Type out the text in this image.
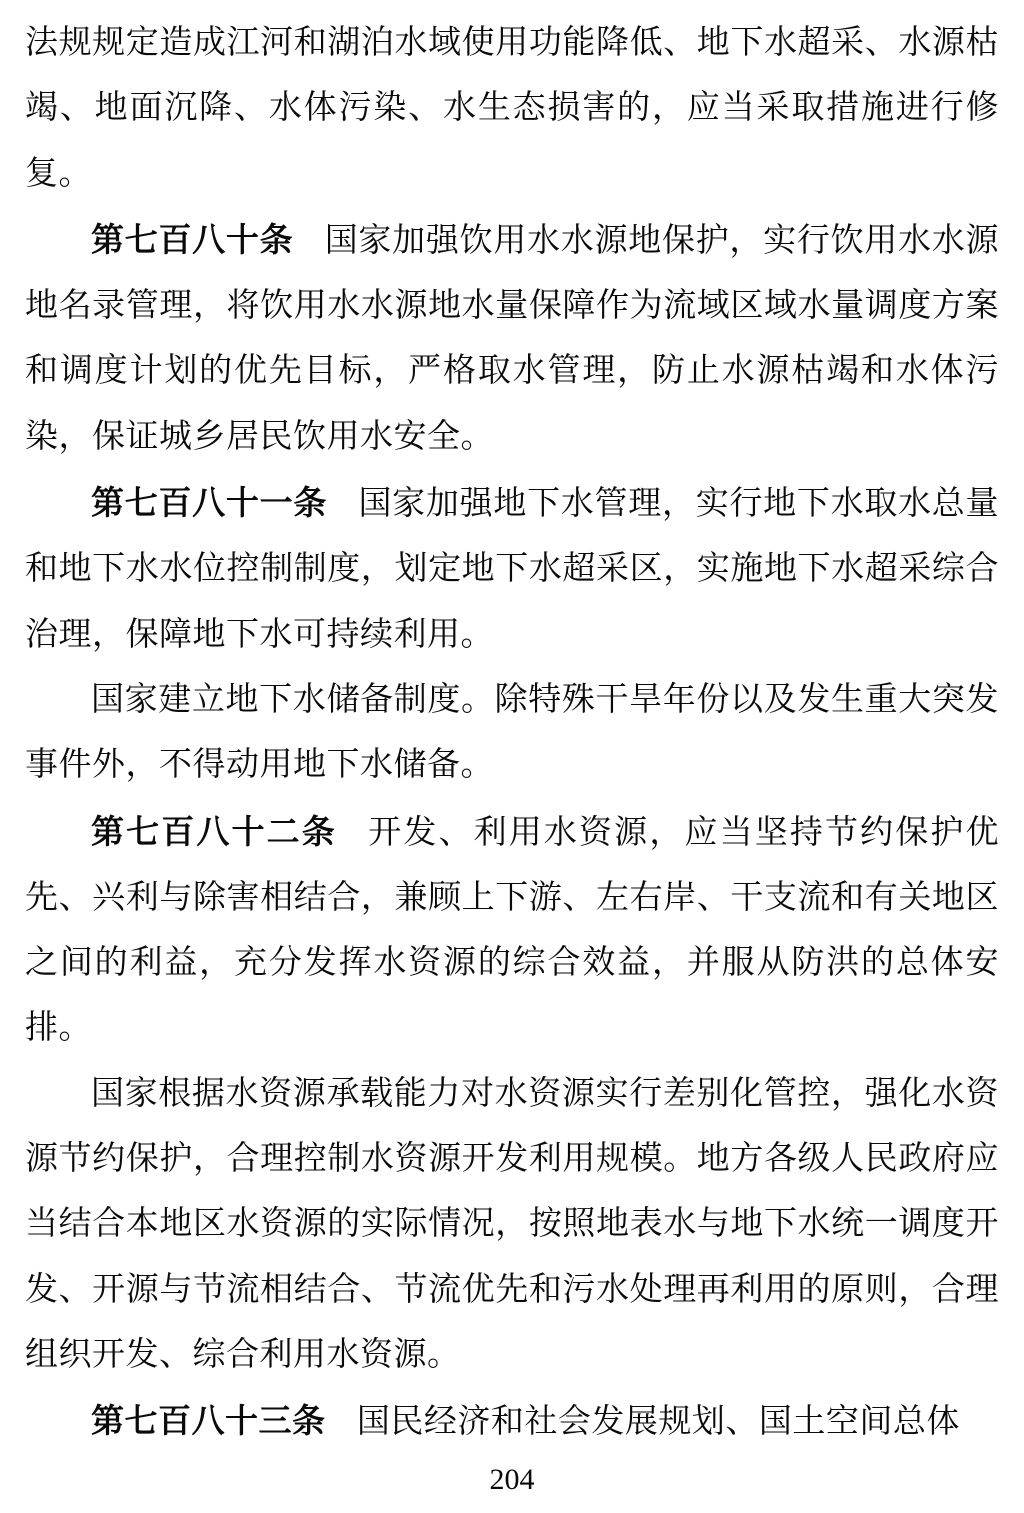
法规规定造成江河和湖泊水域使用功能降低、地下水超采、水源枯竭、地面沉降、水体污染、水生态损害的，应当采取措施进行修复。

第七百八十条 国家加强饮用水水源地保护，实行饮用水水源地名录管理，将饮用水水源地水量保障作为流域区域水量调度方案和调度计划的优先目标，严格取水管理，防止水源枯竭和水体污染，保证城乡居民饮用水安全。

第七百八十一条 国家加强地下水管理，实行地下水取水总量和地下水水位控制制度，划定地下水超采区，实施地下水超采综合治理，保障地下水可持续利用。

国家建立地下水储备制度。除特殊干旱年份以及发生重大突发事件外，不得动用地下水储备。

第七百八十二条 开发、利用水资源，应当坚持节约保护优先、兴利与除害相结合，兼顾上下游、左右岸、干支流和有关地区之间的利益，充分发挥水资源的综合效益，并服从防洪的总体安排。

国家根据水资源承载能力对水资源实行差别化管控，强化水资源节约保护，合理控制水资源开发利用规模。地方各级人民政府应当结合本地区水资源的实际情况，按照地表水与地下水统一调度开发、开源与节流相结合、节流优先和污水处理再利用的原则，合理组织开发、综合利用水资源。

第七百八十三条 国民经济和社会发展规划、国土空间总体

204
